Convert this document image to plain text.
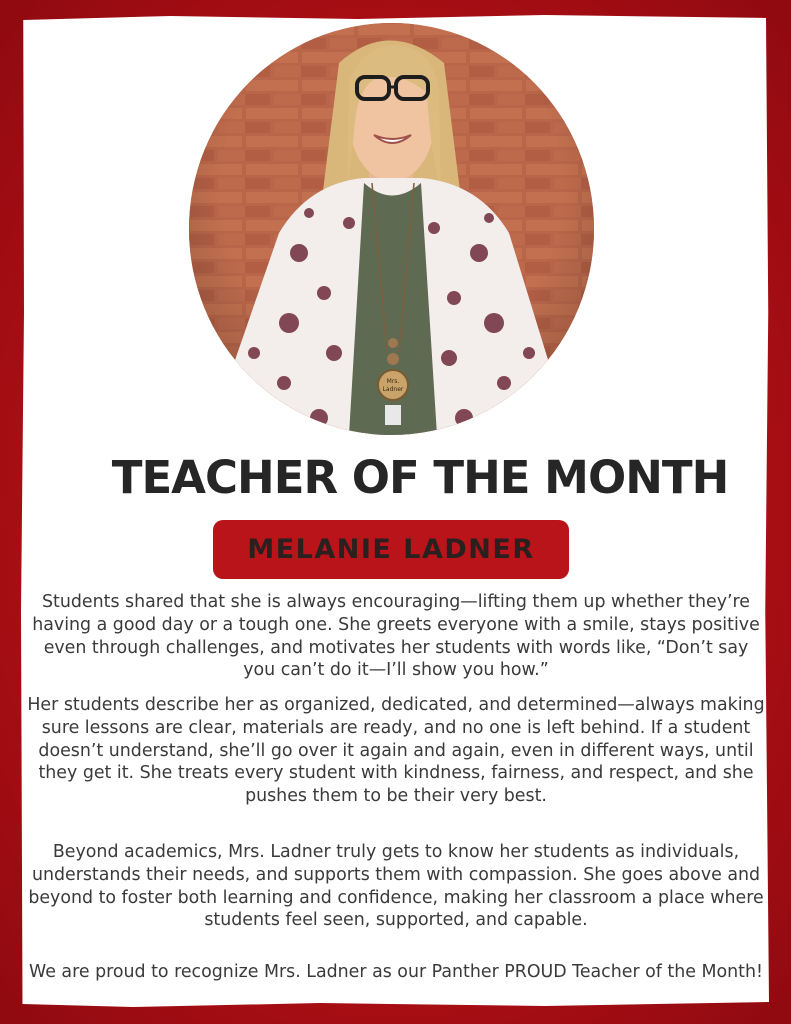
Mrs.
Ladner
TEACHER OF THE MONTH
MELANIE LADNER

Students shared that she is always encouraging—lifting them up whether they’re having a good day or a tough one. She greets everyone with a smile, stays positive even through challenges, and motivates her students with words like, “Don’t say you can’t do it—I’ll show you how.”

Her students describe her as organized, dedicated, and determined—always making sure lessons are clear, materials are ready, and no one is left behind. If a student doesn’t understand, she’ll go over it again and again, even in different ways, until they get it. She treats every student with kindness, fairness, and respect, and she pushes them to be their very best.

Beyond academics, Mrs. Ladner truly gets to know her students as individuals, understands their needs, and supports them with compassion. She goes above and beyond to foster both learning and confidence, making her classroom a place where students feel seen, supported, and capable.

We are proud to recognize Mrs. Ladner as our Panther PROUD Teacher of the Month!
